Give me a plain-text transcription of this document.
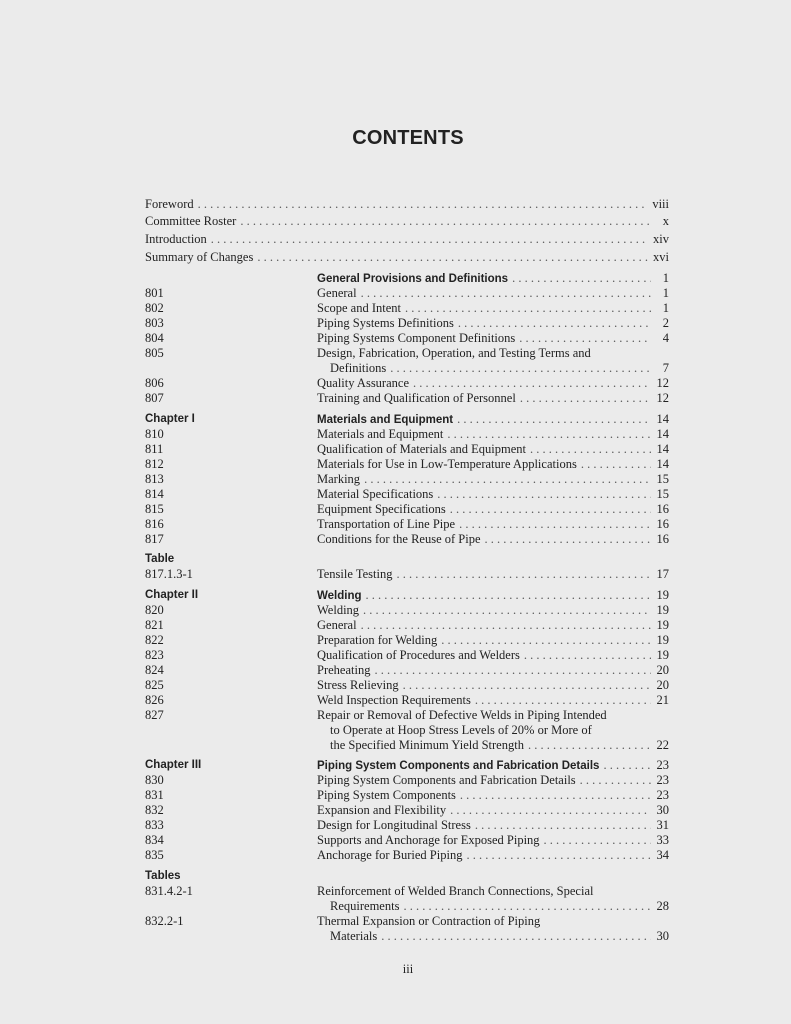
CONTENTS
Foreword . . .	viii
Committee Roster . . .	x
Introduction . . .	xiv
Summary of Changes . . .	xvi
General Provisions and Definitions . . .	1
801	General . . .	1
802	Scope and Intent . . .	1
803	Piping Systems Definitions . . .	2
804	Piping Systems Component Definitions . . .	4
805	Design, Fabrication, Operation, and Testing Terms and
Definitions . . .	7
806	Quality Assurance . . .	12
807	Training and Qualification of Personnel . . .	12
Chapter I	Materials and Equipment . . .	14
810	Materials and Equipment . . .	14
811	Qualification of Materials and Equipment . . .	14
812	Materials for Use in Low-Temperature Applications . . .	14
813	Marking . . .	15
814	Material Specifications . . .	15
815	Equipment Specifications . . .	16
816	Transportation of Line Pipe . . .	16
817	Conditions for the Reuse of Pipe . . .	16
Table
817.1.3-1	Tensile Testing . . .	17
Chapter II	Welding . . .	19
820	Welding . . .	19
821	General . . .	19
822	Preparation for Welding . . .	19
823	Qualification of Procedures and Welders . . .	19
824	Preheating . . .	20
825	Stress Relieving . . .	20
826	Weld Inspection Requirements . . .	21
827	Repair or Removal of Defective Welds in Piping Intended
to Operate at Hoop Stress Levels of 20% or More of
the Specified Minimum Yield Strength . . .	22
Chapter III	Piping System Components and Fabrication Details . . .	23
830	Piping System Components and Fabrication Details . . .	23
831	Piping System Components . . .	23
832	Expansion and Flexibility . . .	30
833	Design for Longitudinal Stress . . .	31
834	Supports and Anchorage for Exposed Piping . . .	33
835	Anchorage for Buried Piping . . .	34
Tables
831.4.2-1	Reinforcement of Welded Branch Connections, Special
Requirements . . .	28
832.2-1	Thermal Expansion or Contraction of Piping
Materials . . .	30
iii
